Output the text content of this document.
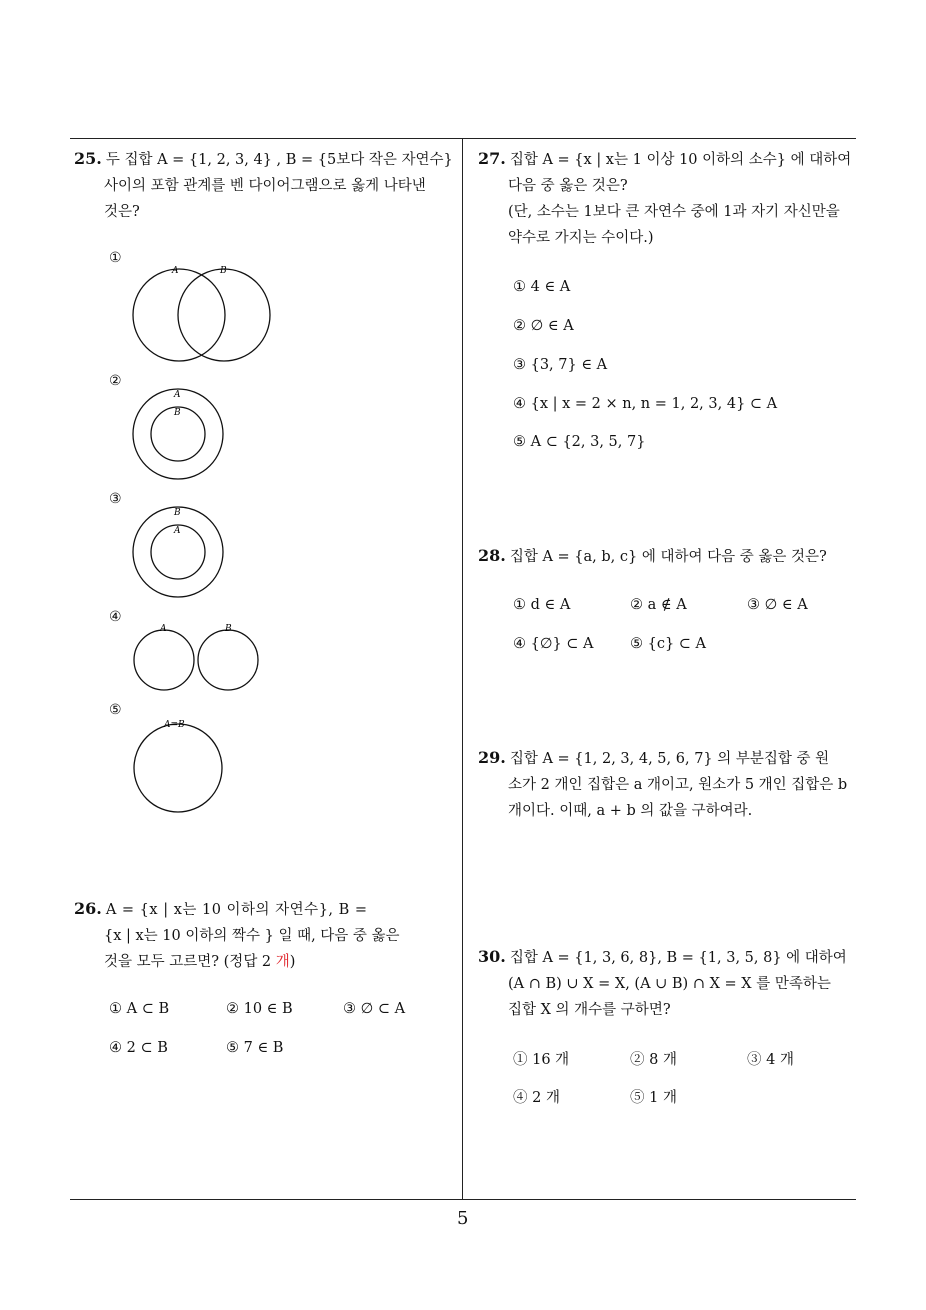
25. 두 집합 A = {1, 2, 3, 4} , B = {5보다 작은 자연수}
사이의 포함 관계를 벤 다이어그램으로 옳게 나타낸
것은?
①
②
③
④
⑤
A	B
A
B
B
A
A	B
A=B
26. A = {x | x는 10 이하의 자연수}, B =
{x | x는 10 이하의 짝수 } 일 때, 다음 중 옳은
것을 모두 고르면? (정답 2 개)
① A ⊂ B	② 10 ∈ B	③ ∅ ⊂ A
④ 2 ⊂ B	⑤ 7 ∈ B
27. 집합 A = {x | x는 1 이상 10 이하의 소수} 에 대하여
다음 중 옳은 것은?
(단, 소수는 1보다 큰 자연수 중에 1과 자기 자신만을
약수로 가지는 수이다.)
① 4 ∈ A
② ∅ ∈ A
③ {3, 7} ∈ A
④ {x | x = 2 × n, n = 1, 2, 3, 4} ⊂ A
⑤ A ⊂ {2, 3, 5, 7}
28. 집합 A = {a, b, c} 에 대하여 다음 중 옳은 것은?
① d ∈ A	② a ∉ A	③ ∅ ∈ A
④ {∅} ⊂ A	⑤ {c} ⊂ A
29. 집합 A = {1, 2, 3, 4, 5, 6, 7} 의 부분집합 중 원
소가 2 개인 집합은 a 개이고, 원소가 5 개인 집합은 b
개이다. 이때, a + b 의 값을 구하여라.
30. 집합 A = {1, 3, 6, 8}, B = {1, 3, 5, 8} 에 대하여
(A ∩ B) ∪ X = X, (A ∪ B) ∩ X = X 를 만족하는
집합 X 의 개수를 구하면?
① 16 개	② 8 개	③ 4 개
④ 2 개	⑤ 1 개
5
